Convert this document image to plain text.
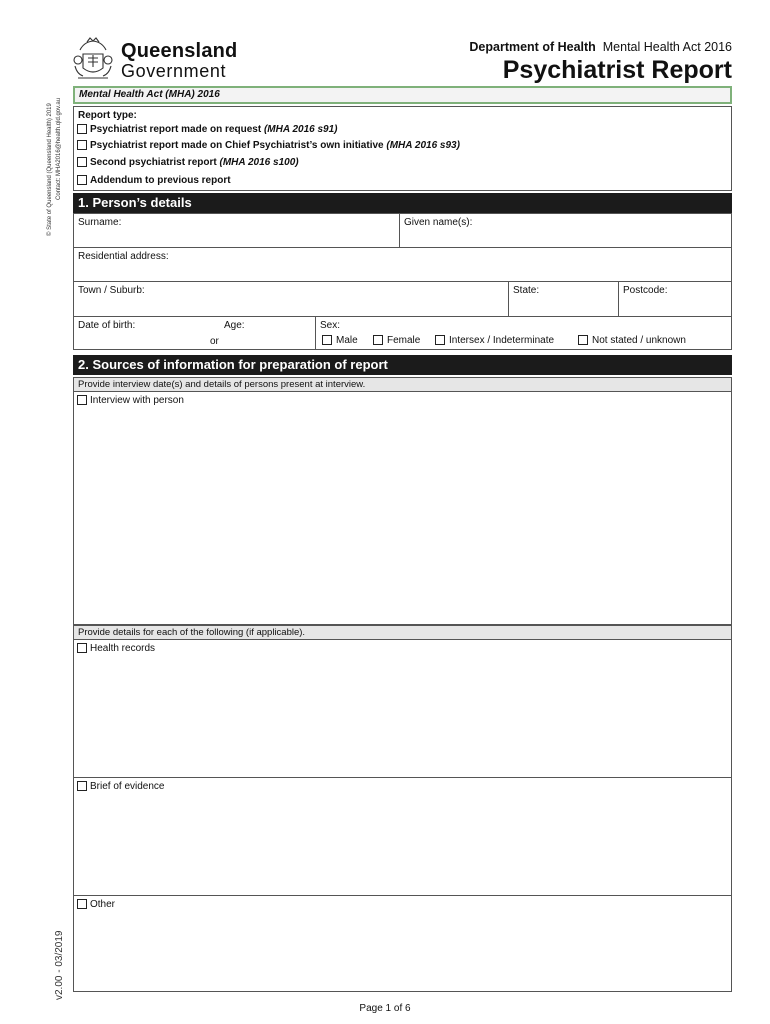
© State of Queensland (Queensland Health) 2019 Contact: MHA2016@health.qld.gov.au
v2.00 - 03/2019
Queensland
Government
Department of Health Mental Health Act 2016
Psychiatrist Report
Mental Health Act (MHA) 2016
Report type:
Psychiatrist report made on request (MHA 2016 s91)
Psychiatrist report made on Chief Psychiatrist’s own initiative (MHA 2016 s93)
Second psychiatrist report (MHA 2016 s100)
Addendum to previous report
1. Person’s details
Surname:	Given name(s):
Residential address:
Town / Suburb:	State:	Postcode:
Date of birth:	Age:
or
Sex:
Male	Female	Intersex / Indeterminate	Not stated / unknown
2. Sources of information for preparation of report
Provide interview date(s) and details of persons present at interview.
Interview with person
Provide details for each of the following (if applicable).
Health records
Brief of evidence
Other
Page 1 of 6
